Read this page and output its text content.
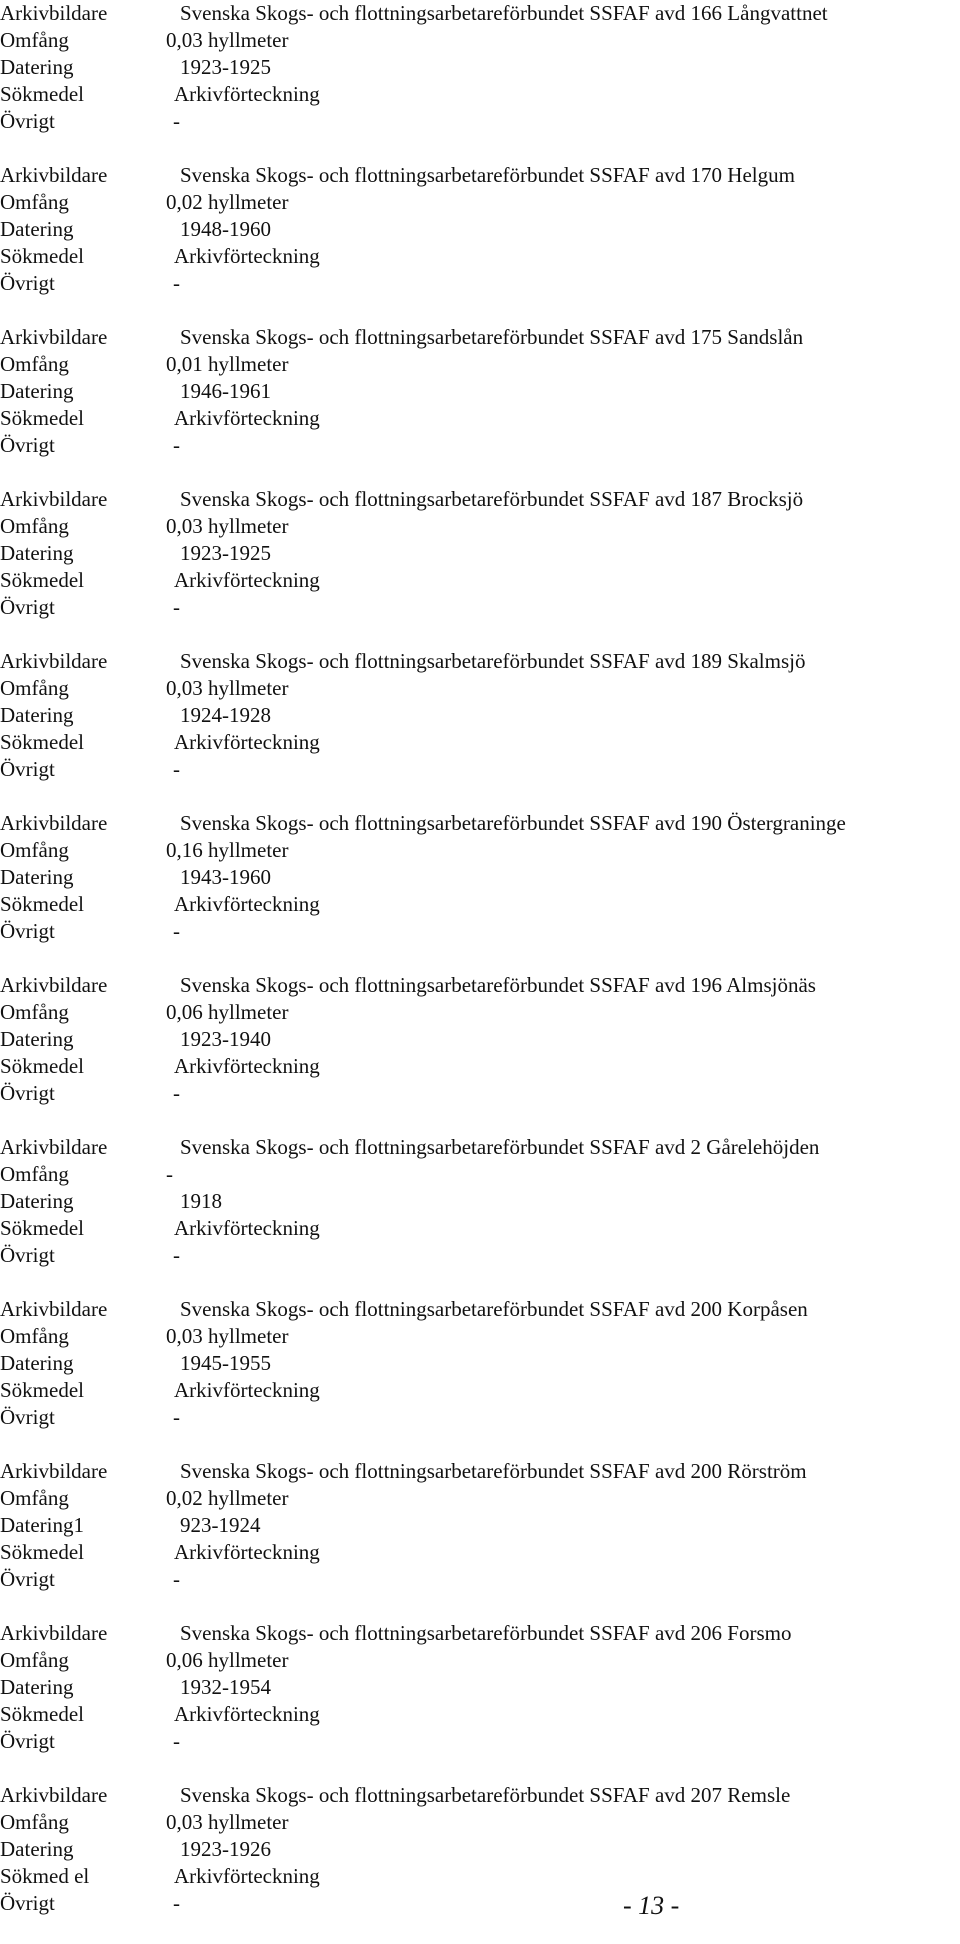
Arkivbildare	Svenska Skogs- och flottningsarbetareförbundet SSFAF avd 166 Långvattnet
Omfång	0,03 hyllmeter
Datering	1923-1925
Sökmedel	Arkivförteckning
Övrigt	-
Arkivbildare	Svenska Skogs- och flottningsarbetareförbundet SSFAF avd 170 Helgum
Omfång	0,02 hyllmeter
Datering	1948-1960
Sökmedel	Arkivförteckning
Övrigt	-
Arkivbildare	Svenska Skogs- och flottningsarbetareförbundet SSFAF avd 175 Sandslån
Omfång	0,01 hyllmeter
Datering	1946-1961
Sökmedel	Arkivförteckning
Övrigt	-
Arkivbildare	Svenska Skogs- och flottningsarbetareförbundet SSFAF avd 187 Brocksjö
Omfång	0,03 hyllmeter
Datering	1923-1925
Sökmedel	Arkivförteckning
Övrigt	-
Arkivbildare	Svenska Skogs- och flottningsarbetareförbundet SSFAF avd 189 Skalmsjö
Omfång	0,03 hyllmeter
Datering	1924-1928
Sökmedel	Arkivförteckning
Övrigt	-
Arkivbildare	Svenska Skogs- och flottningsarbetareförbundet SSFAF avd 190 Östergraninge
Omfång	0,16 hyllmeter
Datering	1943-1960
Sökmedel	Arkivförteckning
Övrigt	-
Arkivbildare	Svenska Skogs- och flottningsarbetareförbundet SSFAF avd 196 Almsjönäs
Omfång	0,06 hyllmeter
Datering	1923-1940
Sökmedel	Arkivförteckning
Övrigt	-
Arkivbildare	Svenska Skogs- och flottningsarbetareförbundet SSFAF avd 2 Gårelehöjden
Omfång	-
Datering	1918
Sökmedel	Arkivförteckning
Övrigt	-
Arkivbildare	Svenska Skogs- och flottningsarbetareförbundet SSFAF avd 200 Korpåsen
Omfång	0,03 hyllmeter
Datering	1945-1955
Sökmedel	Arkivförteckning
Övrigt	-
Arkivbildare	Svenska Skogs- och flottningsarbetareförbundet SSFAF avd 200 Rörström
Omfång	0,02 hyllmeter
Datering1	923-1924
Sökmedel	Arkivförteckning
Övrigt	-
Arkivbildare	Svenska Skogs- och flottningsarbetareförbundet SSFAF avd 206 Forsmo
Omfång	0,06 hyllmeter
Datering	1932-1954
Sökmedel	Arkivförteckning
Övrigt	-
Arkivbildare	Svenska Skogs- och flottningsarbetareförbundet SSFAF avd 207 Remsle
Omfång	0,03 hyllmeter
Datering	1923-1926
Sökmed el	Arkivförteckning
Övrigt	-	- 13 -
